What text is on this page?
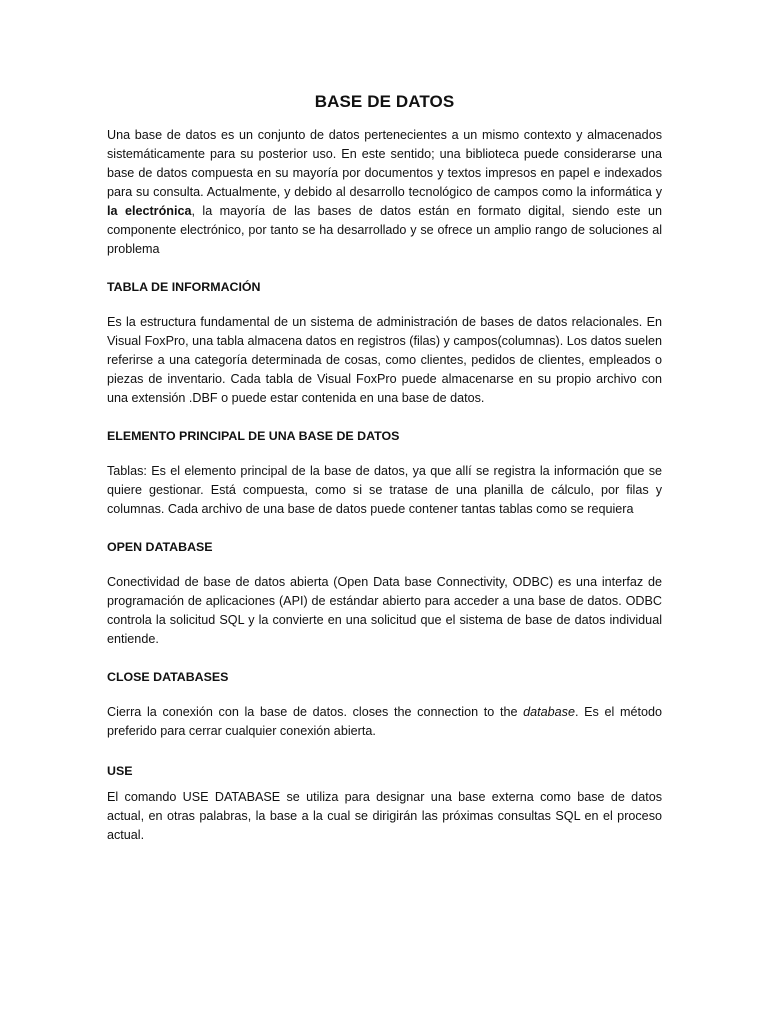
BASE DE DATOS

Una base de datos es un conjunto de datos pertenecientes a un mismo contexto y almacenados sistemáticamente para su posterior uso. En este sentido; una biblioteca puede considerarse una base de datos compuesta en su mayoría por documentos y textos impresos en papel e indexados para su consulta. Actualmente, y debido al desarrollo tecnológico de campos como la informática y la electrónica, la mayoría de las bases de datos están en formato digital, siendo este un componente electrónico, por tanto se ha desarrollado y se ofrece un amplio rango de soluciones al problema

TABLA DE INFORMACIÓN

Es la estructura fundamental de un sistema de administración de bases de datos relacionales. En Visual FoxPro, una tabla almacena datos en registros (filas) y campos(columnas). Los datos suelen referirse a una categoría determinada de cosas, como clientes, pedidos de clientes, empleados o piezas de inventario. Cada tabla de Visual FoxPro puede almacenarse en su propio archivo con una extensión .DBF o puede estar contenida en una base de datos.

ELEMENTO PRINCIPAL DE UNA BASE DE DATOS

Tablas: Es el elemento principal de la base de datos, ya que allí se registra la información que se quiere gestionar. Está compuesta, como si se tratase de una planilla de cálculo, por filas y columnas. Cada archivo de una base de datos puede contener tantas tablas como se requiera

OPEN DATABASE

Conectividad de base de datos abierta (Open Data base Connectivity, ODBC) es una interfaz de programación de aplicaciones (API) de estándar abierto para acceder a una base de datos. ODBC controla la solicitud SQL y la convierte en una solicitud que el sistema de base de datos individual entiende.

CLOSE DATABASES

Cierra la conexión con la base de datos. closes the connection to the database. Es el método preferido para cerrar cualquier conexión abierta.

USE

El comando USE DATABASE se utiliza para designar una base externa como base de datos actual, en otras palabras, la base a la cual se dirigirán las próximas consultas SQL en el proceso actual.
